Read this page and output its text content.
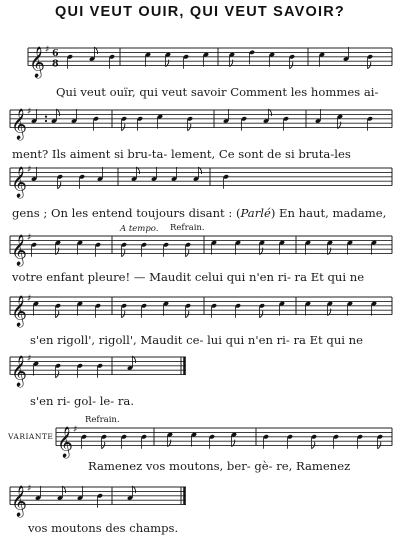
QUI VEUT OUIR, QUI VEUT SAVOIR?
𝄞 ♯ 6
8
𝄞 ♯
𝄞 ♯
𝄞 ♯
𝄞 ♯
𝄞 ♯
𝄞 ♯
𝄞 ♯
Qui veut ouïr, qui veut savoir Comment les hommes ai-
ment? Ils aiment si bru-ta- lement, Ce sont de si bruta-les
gens ; On les entend toujours disant : (Parlé) En haut, madame,
votre enfant pleure! — Maudit celui qui n'en ri- ra Et qui ne
s'en rigoll', rigoll', Maudit ce- lui qui n'en ri- ra Et qui ne
s'en ri- gol- le- ra.
Ramenez vos moutons, ber- gè- re, Ramenez
vos moutons des champs.
A tempo. Refrain.
Refrain.
VARIANTE
